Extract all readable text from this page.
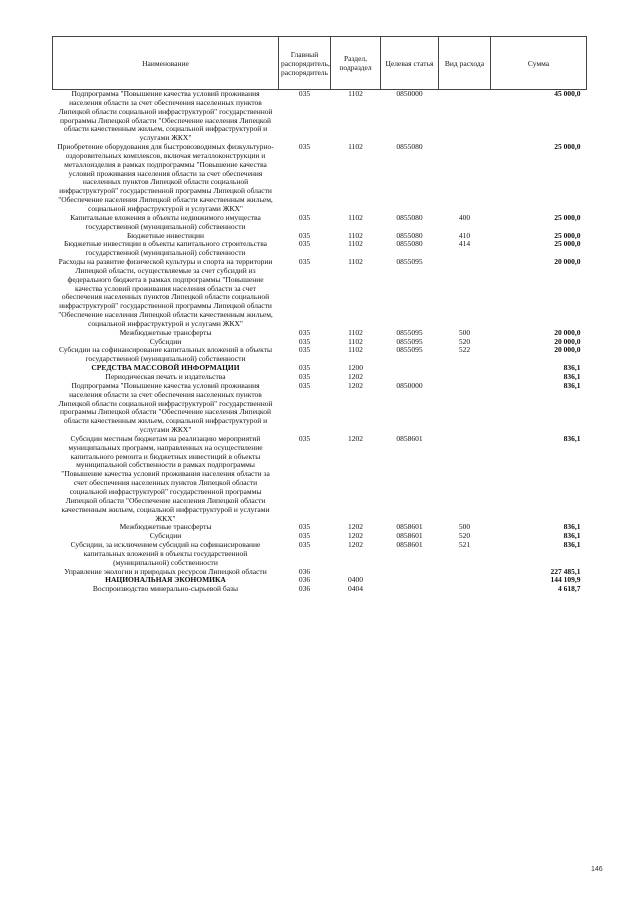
Наименование	Главный распорядитель, распорядитель	Раздел, подраздел	Целевая статья	Вид расхода	Сумма
Подпрограмма "Повышение качества условий проживания населения области за счет обеспечения населенных пунктов Липецкой области социальной инфраструктурой" государственной программы Липецкой области "Обеспечение населения Липецкой области качественным жильем, социальной инфраструктурой и услугами ЖКХ"	035	1102	0850000		45 000,0
Приобретение оборудования для быстровозводимых физкультурно-оздоровительных комплексов, включая металлоконструкции и металлоизделия в рамках подпрограммы "Повышение качества условий проживания населения области за счет обеспечения населенных пунктов Липецкой области социальной инфраструктурой" государственной программы Липецкой области "Обеспечение населения Липецкой области качественным жильем, социальной инфраструктурой и услугами ЖКХ"	035	1102	0855080		25 000,0
Капитальные вложения в объекты недвижимого имущества государственной (муниципальной) собственности	035	1102	0855080	400	25 000,0
Бюджетные инвестиции	035	1102	0855080	410	25 000,0
Бюджетные инвестиции в объекты капитального строительства государственной (муниципальной) собственности	035	1102	0855080	414	25 000,0
Расходы на развитие физической культуры и спорта на территории Липецкой области, осуществляемые за счет субсидий из федерального бюджета в рамках подпрограммы "Повышение качества условий проживания населения области за счет обеспечения населенных пунктов Липецкой области социальной инфраструктурой" государственной программы Липецкой области "Обеспечение населения Липецкой области качественным жильем, социальной инфраструктурой и услугами ЖКХ"	035	1102	0855095		20 000,0
Межбюджетные трансферты	035	1102	0855095	500	20 000,0
Субсидии	035	1102	0855095	520	20 000,0
Субсидии на софинансирование капитальных вложений в объекты государственной (муниципальной) собственности	035	1102	0855095	522	20 000,0
СРЕДСТВА МАССОВОЙ ИНФОРМАЦИИ	035	1200			836,1
Периодическая печать и издательства	035	1202			836,1
Подпрограмма "Повышение качества условий проживания населения области за счет обеспечения населенных пунктов Липецкой области социальной инфраструктурой" государственной программы Липецкой области "Обеспечение населения Липецкой области качественным жильем, социальной инфраструктурой и услугами ЖКХ"	035	1202	0850000		836,1
Субсидии местным бюджетам на реализацию мероприятий муниципальных программ, направленных на осуществление капитального ремонта и бюджетных инвестиций в объекты муниципальной собственности в рамках подпрограммы "Повышение качества условий проживания населения области за счет обеспечения населенных пунктов Липецкой области социальной инфраструктурой" государственной программы Липецкой области "Обеспечение населения Липецкой области качественным жильем, социальной инфраструктурой и услугами ЖКХ"	035	1202	0858601		836,1
Межбюджетные трансферты	035	1202	0858601	500	836,1
Субсидии	035	1202	0858601	520	836,1
Субсидии, за исключением субсидий на софинансирование капитальных вложений в объекты государственной (муниципальной) собственности	035	1202	0858601	521	836,1
Управление экологии и природных ресурсов Липецкой области	036				227 485,1
НАЦИОНАЛЬНАЯ ЭКОНОМИКА	036	0400			144 109,9
Воспроизводство минерально-сырьевой базы	036	0404			4 618,7
146
